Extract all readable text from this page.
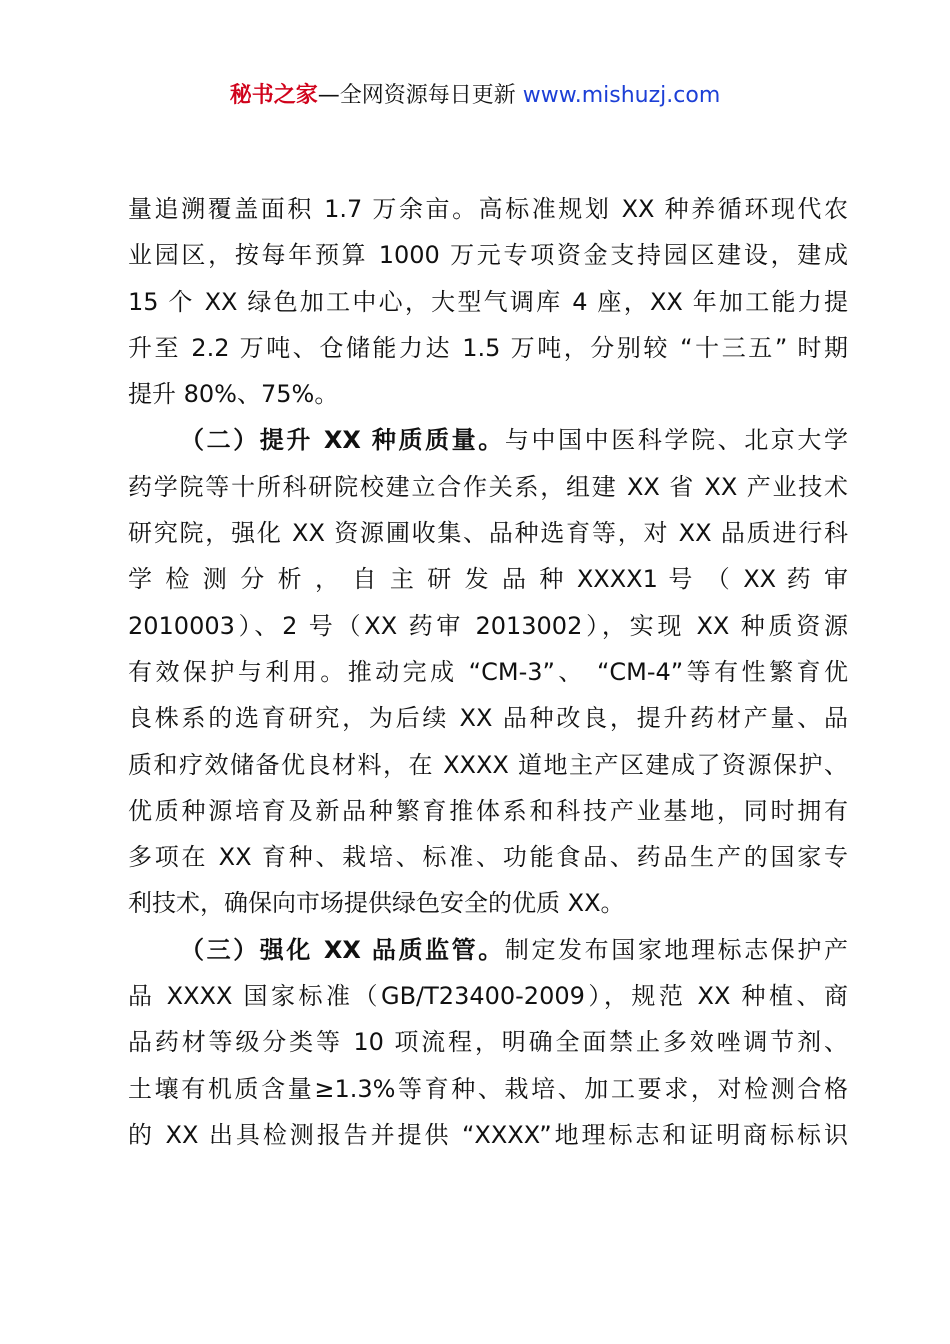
秘书之家—全网资源每日更新 www.mishuzj.com
量追溯覆盖面积 1.7 万余亩。高标准规划 XX 种养循环现代农
业园区，按每年预算 1000 万元专项资金支持园区建设，建成
15 个 XX 绿色加工中心，大型气调库 4 座，XX 年加工能力提
升至 2.2 万吨、仓储能力达 1.5 万吨，分别较 “十三五” 时期
提升 80%、75%。
（二）提升 XX 种质质量。与中国中医科学院、北京大学
药学院等十所科研院校建立合作关系，组建 XX 省 XX 产业技术
研究院，强化 XX 资源圃收集、品种选育等，对 XX 品质进行科
学 检 测 分 析 ， 自 主 研 发 品 种 XXXX1 号 （ XX 药 审
2010003）、2 号（XX 药审 2013002），实现 XX 种质资源
有效保护与利用。推动完成 “CM-3”、 “CM-4”等有性繁育优
良株系的选育研究，为后续 XX 品种改良，提升药材产量、品
质和疗效储备优良材料，在 XXXX 道地主产区建成了资源保护、
优质种源培育及新品种繁育推体系和科技产业基地，同时拥有
多项在 XX 育种、栽培、标准、功能食品、药品生产的国家专
利技术，确保向市场提供绿色安全的优质 XX。
（三）强化 XX 品质监管。制定发布国家地理标志保护产
品 XXXX 国家标准（GB/T23400-2009），规范 XX 种植、商
品药材等级分类等 10 项流程，明确全面禁止多效唑调节剂、
土壤有机质含量≥1.3%等育种、栽培、加工要求，对检测合格
的 XX 出具检测报告并提供 “XXXX”地理标志和证明商标标识
